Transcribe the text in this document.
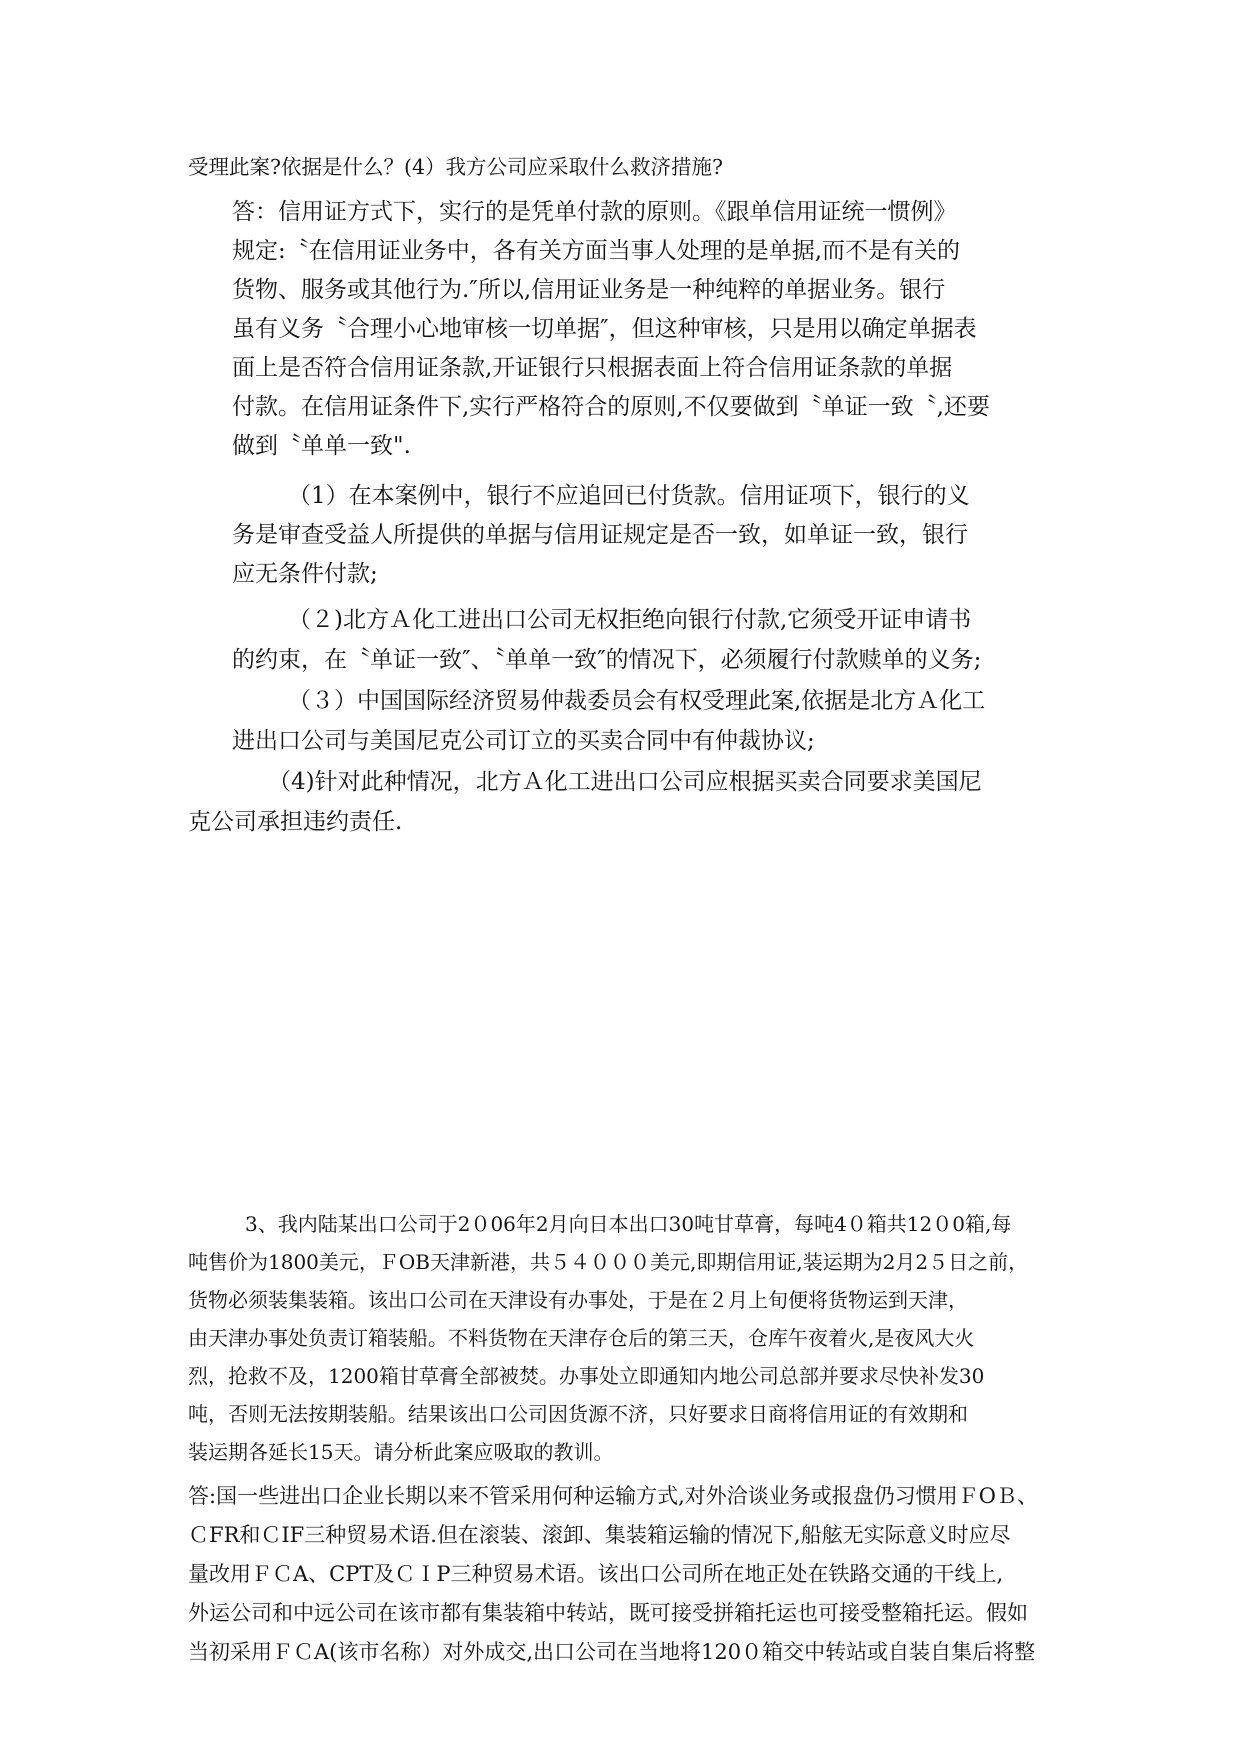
受理此案?依据是什么？(4）我方公司应采取什么救济措施?
答：信用证方式下，实行的是凭单付款的原则。《跟单信用证统一惯例》
规定:〝在信用证业务中，各有关方面当事人处理的是单据,而不是有关的
货物、服务或其他行为.″所以,信用证业务是一种纯粹的单据业务。银行
虽有义务〝合理小心地审核一切单据″，但这种审核，只是用以确定单据表
面上是否符合信用证条款,开证银行只根据表面上符合信用证条款的单据
付款。在信用证条件下,实行严格符合的原则,不仅要做到〝单证一致〝,还要
做到〝单单一致".
（1）在本案例中，银行不应追回已付货款。信用证项下，银行的义
务是审查受益人所提供的单据与信用证规定是否一致，如单证一致，银行
应无条件付款;
（２)北方Ａ化工进出口公司无权拒绝向银行付款,它须受开证申请书
的约束，在〝单证一致″、〝单单一致″的情况下，必须履行付款赎单的义务;
（３）中国国际经济贸易仲裁委员会有权受理此案,依据是北方Ａ化工
进出口公司与美国尼克公司订立的买卖合同中有仲裁协议;
（4)针对此种情况，北方Ａ化工进出口公司应根据买卖合同要求美国尼
克公司承担违约责任.
3、我内陆某出口公司于2０06年2月向日本出口30吨甘草膏，每吨4０箱共12０0箱,每
吨售价为1800美元，ＦOB天津新港，共５４０００美元,即期信用证,装运期为2月2５日之前，
货物必须装集装箱。该出口公司在天津设有办事处，于是在２月上旬便将货物运到天津，
由天津办事处负责订箱装船。不料货物在天津存仓后的第三天，仓库午夜着火,是夜风大火
烈，抢救不及，1200箱甘草膏全部被焚。办事处立即通知内地公司总部并要求尽快补发30
吨，否则无法按期装船。结果该出口公司因货源不济，只好要求日商将信用证的有效期和
装运期各延长15天。请分析此案应吸取的教训。
答:国一些进出口企业长期以来不管采用何种运输方式,对外洽谈业务或报盘仍习惯用ＦOＢ、
ＣFR和ＣIF三种贸易术语.但在滚装、滚卸、集装箱运输的情况下,船舷无实际意义时应尽
量改用ＦＣA、CPT及ＣＩP三种贸易术语。该出口公司所在地正处在铁路交通的干线上,
外运公司和中远公司在该市都有集装箱中转站，既可接受拼箱托运也可接受整箱托运。假如
当初采用ＦＣA(该市名称）对外成交,出口公司在当地将120０箱交中转站或自装自集后将整
